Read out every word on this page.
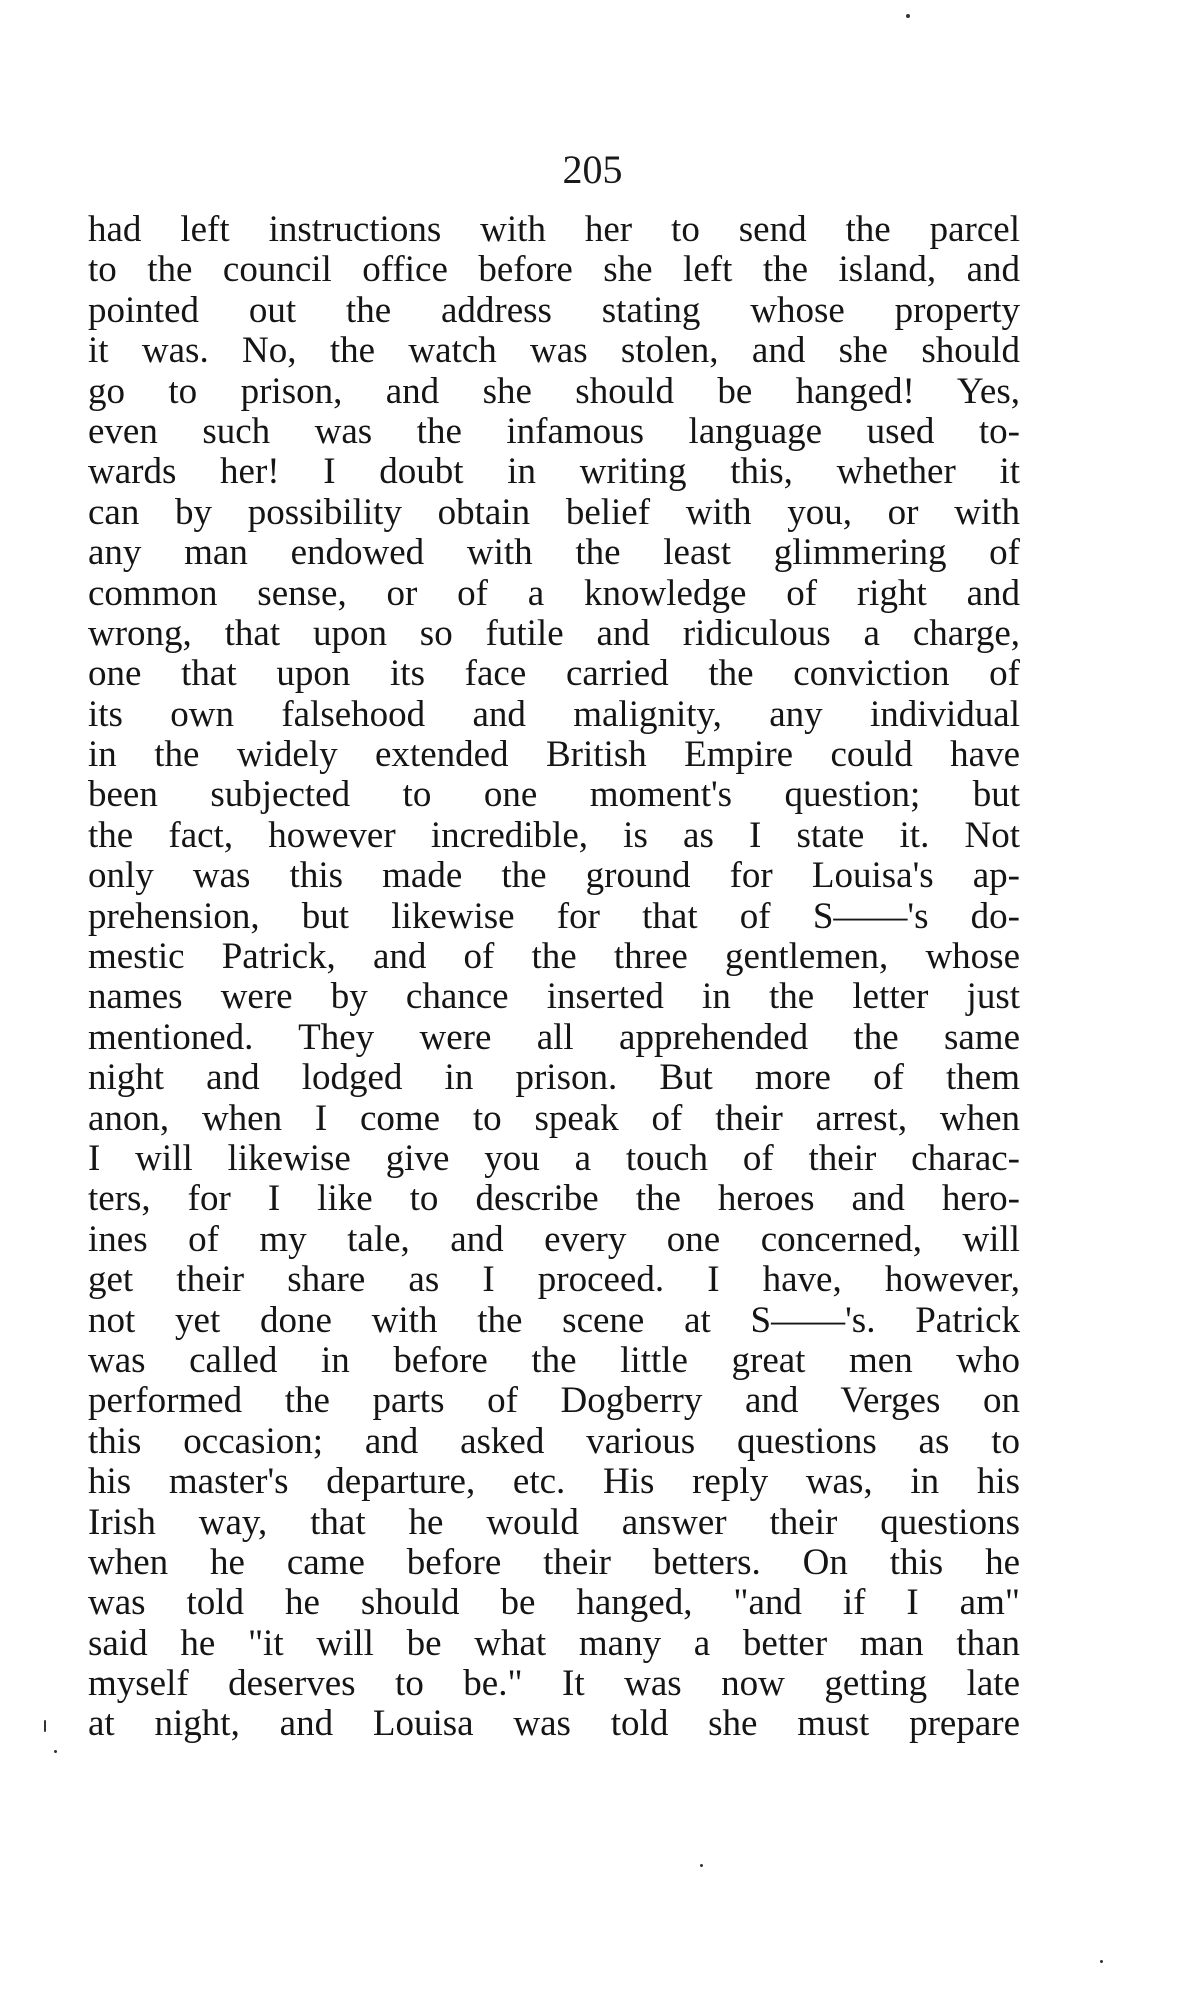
205
had left instructions with her to send the parcel
to the council office before she left the island, and
pointed out the address stating whose property
it was. No, the watch was stolen, and she should
go to prison, and she should be hanged! Yes,
even such was the infamous language used to-
wards her! I doubt in writing this, whether it
can by possibility obtain belief with you, or with
any man endowed with the least glimmering of
common sense, or of a knowledge of right and
wrong, that upon so futile and ridiculous a charge,
one that upon its face carried the conviction of
its own falsehood and malignity, any individual
in the widely extended British Empire could have
been subjected to one moment's question; but
the fact, however incredible, is as I state it. Not
only was this made the ground for Louisa's ap-
prehension, but likewise for that of S——'s do-
mestic Patrick, and of the three gentlemen, whose
names were by chance inserted in the letter just
mentioned. They were all apprehended the same
night and lodged in prison. But more of them
anon, when I come to speak of their arrest, when
I will likewise give you a touch of their charac-
ters, for I like to describe the heroes and hero-
ines of my tale, and every one concerned, will
get their share as I proceed. I have, however,
not yet done with the scene at S——'s. Patrick
was called in before the little great men who
performed the parts of Dogberry and Verges on
this occasion; and asked various questions as to
his master's departure, etc. His reply was, in his
Irish way, that he would answer their questions
when he came before their betters. On this he
was told he should be hanged, "and if I am"
said he "it will be what many a better man than
myself deserves to be." It was now getting late
at night, and Louisa was told she must prepare
